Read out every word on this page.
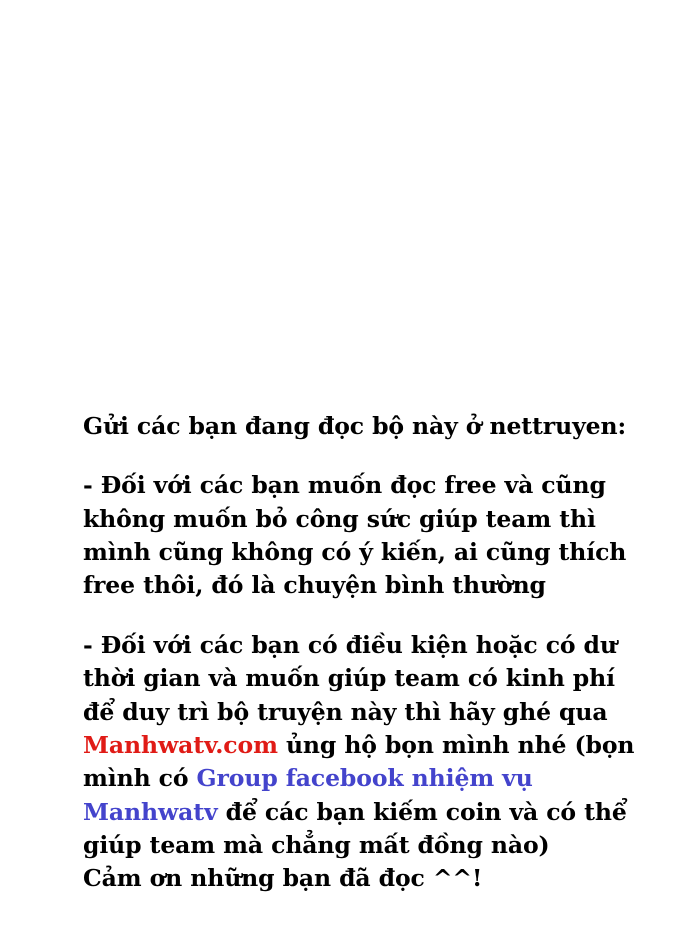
Gửi các bạn đang đọc bộ này ở nettruyen:

- Đối với các bạn muốn đọc free và cũng không muốn bỏ công sức giúp team thì mình cũng không có ý kiến, ai cũng thích free thôi, đó là chuyện bình thường

- Đối với các bạn có điều kiện hoặc có dư thời gian và muốn giúp team có kinh phí để duy trì bộ truyện này thì hãy ghé qua Manhwatv.com ủng hộ bọn mình nhé (bọn mình có Group facebook nhiệm vụ Manhwatv để các bạn kiếm coin và có thể giúp team mà chẳng mất đồng nào)

Cảm ơn những bạn đã đọc ^^!
